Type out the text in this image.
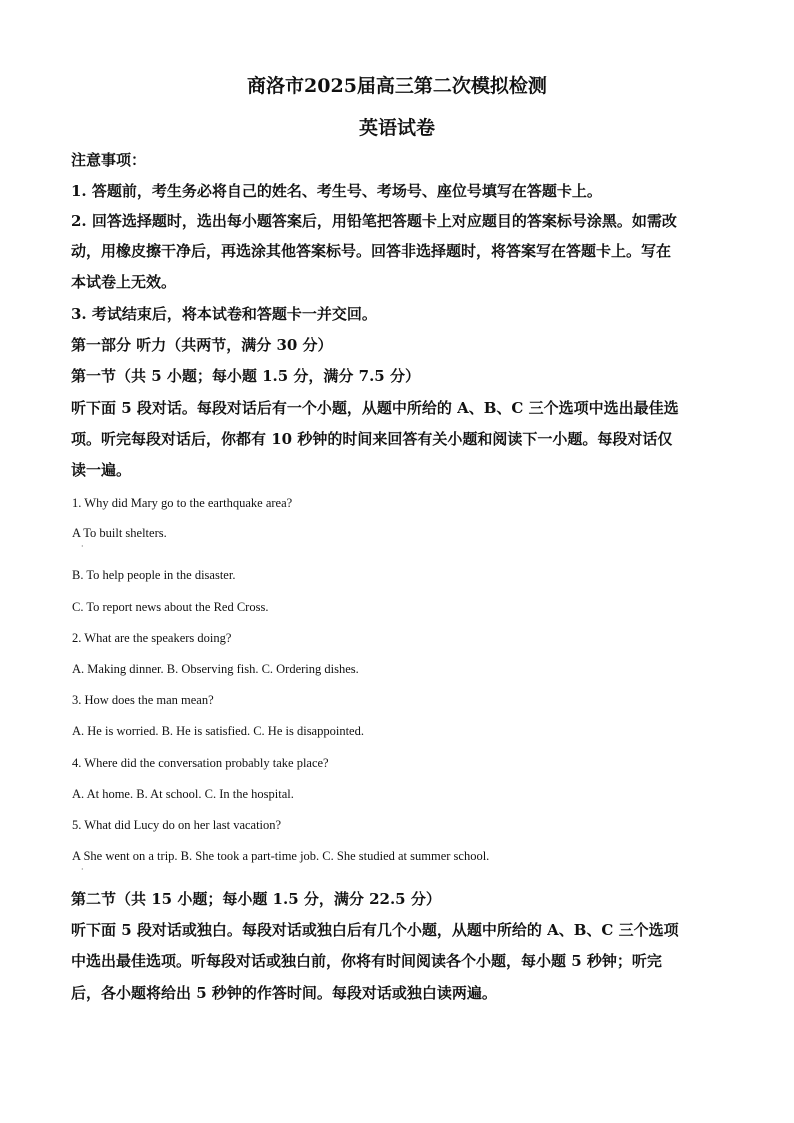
商洛市2025届高三第二次模拟检测
英语试卷
注意事项：
1. 答题前，考生务必将自己的姓名、考生号、考场号、座位号填写在答题卡上。
2. 回答选择题时，选出每小题答案后，用铅笔把答题卡上对应题目的答案标号涂黑。如需改
动，用橡皮擦干净后，再选涂其他答案标号。回答非选择题时，将答案写在答题卡上。写在
本试卷上无效。
3. 考试结束后，将本试卷和答题卡一并交回。
第一部分 听力（共两节，满分 30 分）
第一节（共 5 小题；每小题 1.5 分，满分 7.5 分）
听下面 5 段对话。每段对话后有一个小题，从题中所给的 A、B、C 三个选项中选出最佳选
项。听完每段对话后，你都有 10 秒钟的时间来回答有关小题和阅读下一小题。每段对话仅
读一遍。
1. Why did Mary go to the earthquake area?
A To built shelters.
·
B. To help people in the disaster.
C. To report news about the Red Cross.
2. What are the speakers doing?
A. Making dinner. B. Observing fish. C. Ordering dishes.
3. How does the man mean?
A. He is worried. B. He is satisfied. C. He is disappointed.
4. Where did the conversation probably take place?
A. At home. B. At school. C. In the hospital.
5. What did Lucy do on her last vacation?
A She went on a trip. B. She took a part-time job. C. She studied at summer school.
·
第二节（共 15 小题；每小题 1.5 分，满分 22.5 分）
听下面 5 段对话或独白。每段对话或独白后有几个小题，从题中所给的 A、B、C 三个选项
中选出最佳选项。听每段对话或独白前，你将有时间阅读各个小题，每小题 5 秒钟；听完
后，各小题将给出 5 秒钟的作答时间。每段对话或独白读两遍。
